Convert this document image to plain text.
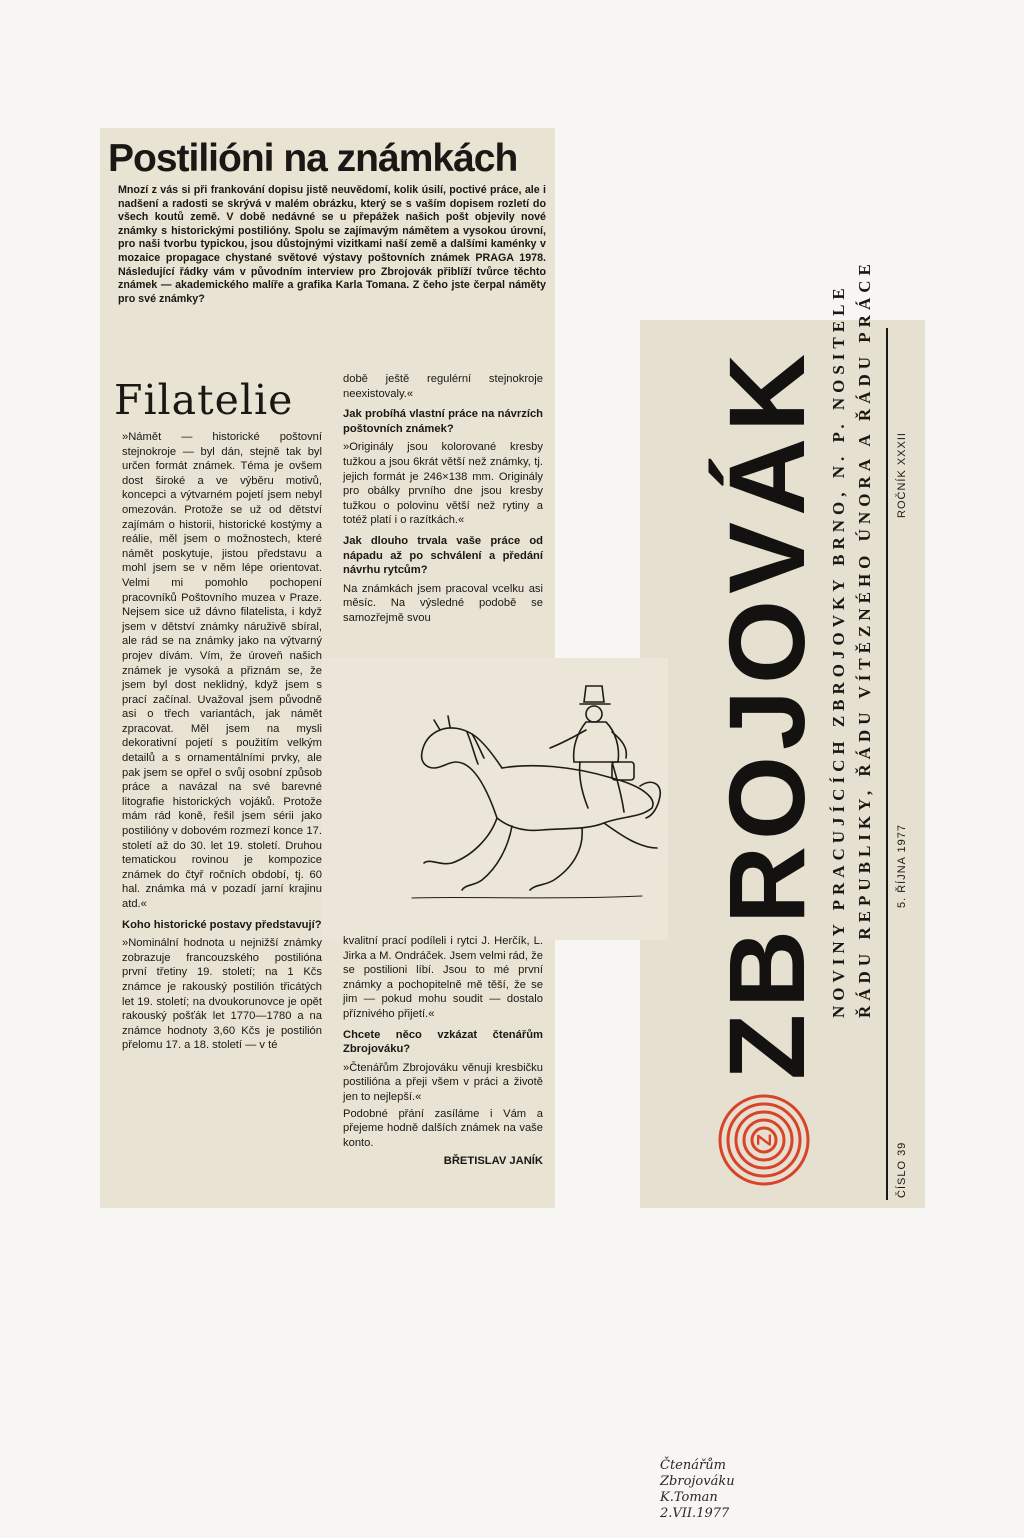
Postilióni na známkách
Mnozí z vás si při frankování dopisu jistě neuvědomí, kolik úsilí, poctivé práce, ale i nadšení a radosti se skrývá v malém obrázku, který se s vaším dopisem rozletí do všech koutů země. V době nedávné se u přepážek našich pošt objevily nové známky s historickými postilióny. Spolu se zajímavým námětem a vysokou úrovní, pro naši tvorbu typickou, jsou důstojnými vizitkami naší země a dalšími kaménky v mozaice propagace chystané světové výstavy poštovních známek PRAGA 1978. Následující řádky vám v původním interview pro Zbrojovák přiblíží tvůrce těchto známek — akademického malíře a grafika Karla Tomana. Z čeho jste čerpal náměty pro své známky?
Filatelie

»Námět — historické poštovní stejnokroje — byl dán, stejně tak byl určen formát známek. Téma je ovšem dost široké a ve výběru motivů, koncepci a výtvarném pojetí jsem nebyl omezován. Protože se už od dětství zajímám o historii, historické kostýmy a reálie, měl jsem o možnostech, které námět poskytuje, jistou představu a mohl jsem se v něm lépe orientovat. Velmi mi pomohlo pochopení pracovníků Poštovního muzea v Praze. Nejsem sice už dávno filatelista, i když jsem v dětství známky náruživě sbíral, ale rád se na známky jako na výtvarný projev dívám. Vím, že úroveň našich známek je vysoká a přiznám se, že jsem byl dost neklidný, když jsem s prací začínal. Uvažoval jsem původně asi o třech variantách, jak námět zpracovat. Měl jsem na mysli dekorativní pojetí s použitím velkým detailů a s ornamentálními prvky, ale pak jsem se opřel o svůj osobní způsob práce a navázal na své barevné litografie historických vojáků. Protože mám rád koně, řešil jsem sérii jako postilióny v dobovém rozmezí konce 17. století až do 30. let 19. století. Druhou tematickou rovinou je kompozice známek do čtyř ročních období, tj. 60 hal. známka má v pozadí jarní krajinu atd.«

Koho historické postavy představují?

»Nominální hodnota u nejnižší známky zobrazuje francouzského postilióna první třetiny 19. století; na 1 Kčs známce je rakouský postilión třicátých let 19. století; na dvoukorunovce je opět rakouský pošťák let 1770—1780 a na známce hodnoty 3,60 Kčs je postilión přelomu 17. a 18. století — v té

době ještě regulérní stejnokroje neexistovaly.«

Jak probíhá vlastní práce na návrzích poštovních známek?

»Originály jsou kolorované kresby tužkou a jsou 6krát větší než známky, tj. jejich formát je 246×138 mm. Originály pro obálky prvního dne jsou kresby tužkou o polovinu větší než rytiny a totéž platí i o razítkách.«

Jak dlouho trvala vaše práce od nápadu až po schválení a předání návrhu rytcům?

Na známkách jsem pracoval vcelku asi měsíc. Na výsledné podobě se samozřejmě svou

Čtenářům
Zbrojováku
K.Toman
2.VII.1977

kvalitní prací podíleli i rytci J. Herčík, L. Jirka a M. Ondráček. Jsem velmi rád, že se postilioni líbí. Jsou to mé první známky a pochopitelně mě těší, že se jim — pokud mohu soudit — dostalo příznivého přijetí.«

Chcete něco vzkázat čtenářům Zbrojováku?

»Čtenářům Zbrojováku věnuji kresbičku postilióna a přeji všem v práci a životě jen to nejlepší.«

Podobné přání zasíláme i Vám a přejeme hodně dalších známek na vaše konto.

BŘETISLAV JANÍK

Z
ZBROJOVÁK NOVINY PRACUJÍCÍCH ZBROJOVKY BRNO, N. P. NOSITELE ŘÁDU REPUBLIKY, ŘÁDU VÍTĚZNÉHO ÚNORA A ŘÁDU PRÁCE
ČÍSLO 39
5. ŘÍJNA 1977
ROČNÍK XXXII
